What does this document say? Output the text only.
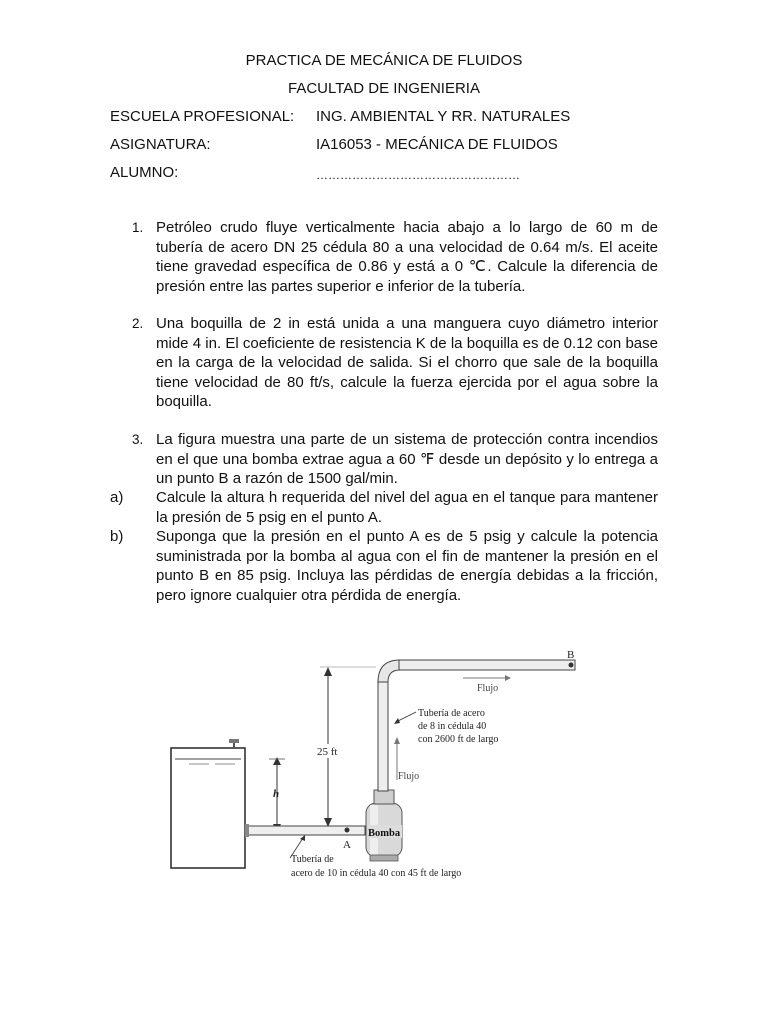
PRACTICA DE MECÁNICA DE FLUIDOS
FACULTAD DE INGENIERIA
ESCUELA PROFESIONAL: ING. AMBIENTAL Y RR. NATURALES
ASIGNATURA:	IA16053 - MECÁNICA DE FLUIDOS
ALUMNO:	……………………………………………
1. Petróleo crudo fluye verticalmente hacia abajo a lo largo de 60 m de tubería de acero DN 25 cédula 80 a una velocidad de 0.64 m/s. El aceite tiene gravedad específica de 0.86 y está a 0 ℃. Calcule la diferencia de presión entre las partes superior e inferior de la tubería.
2. Una boquilla de 2 in está unida a una manguera cuyo diámetro interior mide 4 in. El coeficiente de resistencia K de la boquilla es de 0.12 con base en la carga de la velocidad de salida. Si el chorro que sale de la boquilla tiene velocidad de 80 ft/s, calcule la fuerza ejercida por el agua sobre la boquilla.
3. La figura muestra una parte de un sistema de protección contra incendios en el que una bomba extrae agua a 60 ℉ desde un depósito y lo entrega a un punto B a razón de 1500 gal/min.
a) Calcule la altura h requerida del nivel del agua en el tanque para mantener la presión de 5 psig en el punto A.
b) Suponga que la presión en el punto A es de 5 psig y calcule la potencia suministrada por la bomba al agua con el fin de mantener la presión en el punto B en 85 psig. Incluya las pérdidas de energía debidas a la fricción, pero ignore cualquier otra pérdida de energía.
h
A
25 ft
Bomba
B
Flujo
Flujo
Tubería de acero de 8 in cédula 40 con 2600 ft de largo
Tubería de acero de 10 in cédula 40 con 45 ft de largo
